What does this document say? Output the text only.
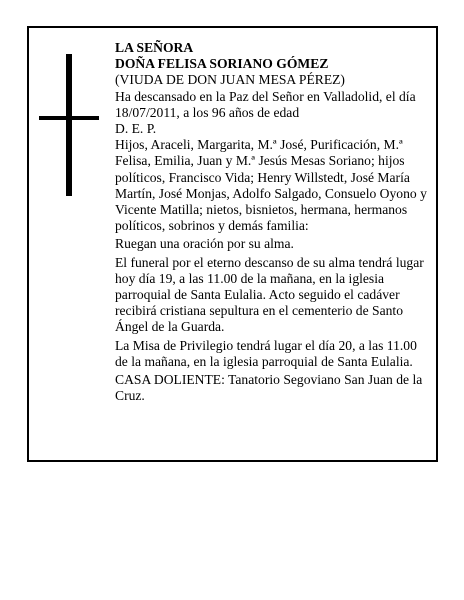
LA SEÑORA

DOÑA FELISA SORIANO GÓMEZ

(VIUDA DE DON JUAN MESA PÉREZ)

Ha descansado en la Paz del Señor en Valladolid, el día 18/07/2011, a los 96 años de edad

D. E. P.

Hijos, Araceli, Margarita, M.ª José, Purificación, M.ª Felisa, Emilia, Juan y M.ª Jesús Mesas Soriano; hijos políticos, Francisco Vida; Henry Willstedt, José María Martín, José Monjas, Adolfo Salgado, Consuelo Oyono y Vicente Matilla; nietos, bisnietos, hermana, hermanos políticos, sobrinos y demás familia:

Ruegan una oración por su alma.

El funeral por el eterno descanso de su alma tendrá lugar hoy día 19, a las 11.00 de la mañana, en la iglesia parroquial de Santa Eulalia. Acto seguido el cadáver recibirá cristiana sepultura en el cementerio de Santo Ángel de la Guarda.

La Misa de Privilegio tendrá lugar el día 20, a las 11.00 de la mañana, en la iglesia parroquial de Santa Eulalia.

CASA DOLIENTE: Tanatorio Segoviano San Juan de la Cruz.
